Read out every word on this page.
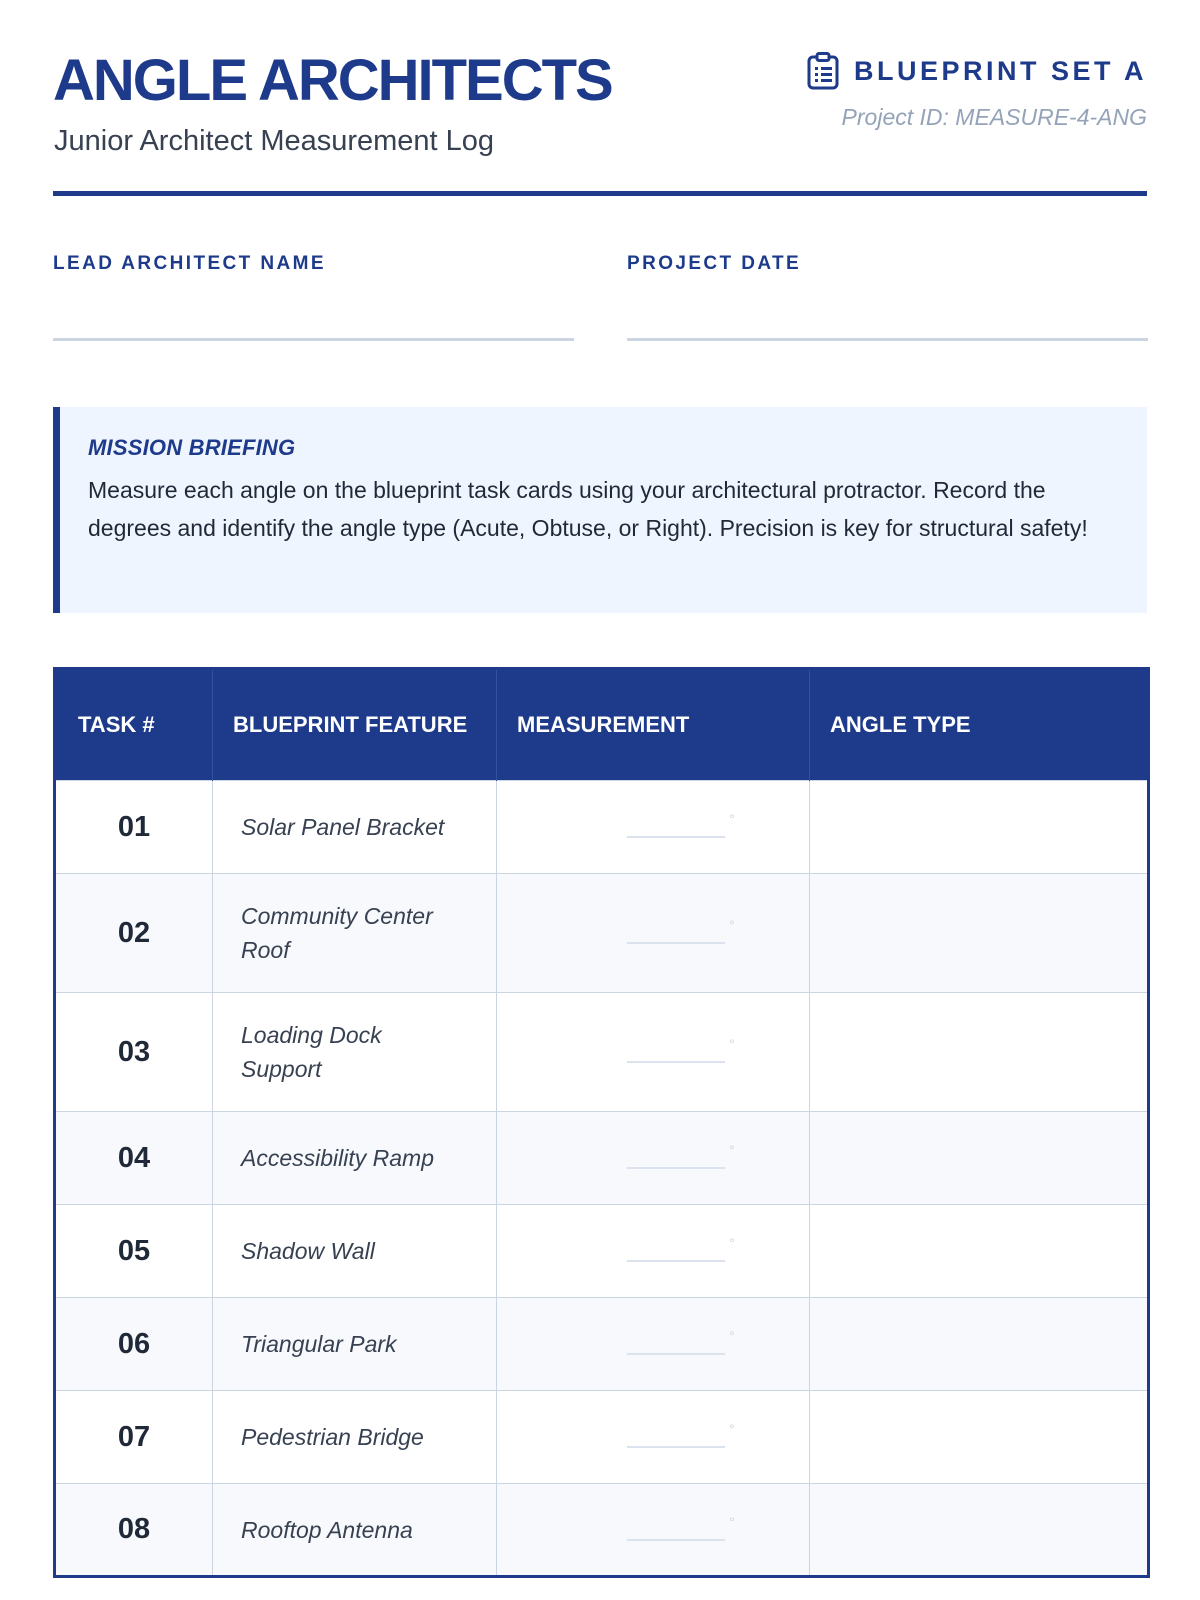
ANGLE ARCHITECTS

Junior Architect Measurement Log

BLUEPRINT SET A
Project ID: MEASURE-4-ANG
LEAD ARCHITECT NAME	PROJECT DATE
MISSION BRIEFING
Measure each angle on the blueprint task cards using your architectural protractor. Record the degrees and identify the angle type (Acute, Obtuse, or Right). Precision is key for structural safety!
TASK #	BLUEPRINT FEATURE	MEASUREMENT	ANGLE TYPE
01	Solar Panel Bracket	°	

02	Community Center Roof	°	

03	Loading Dock Support	°	

04	Accessibility Ramp	°	

05	Shadow Wall	°	

06	Triangular Park	°	

07	Pedestrian Bridge	°	

08	Rooftop Antenna	°	
